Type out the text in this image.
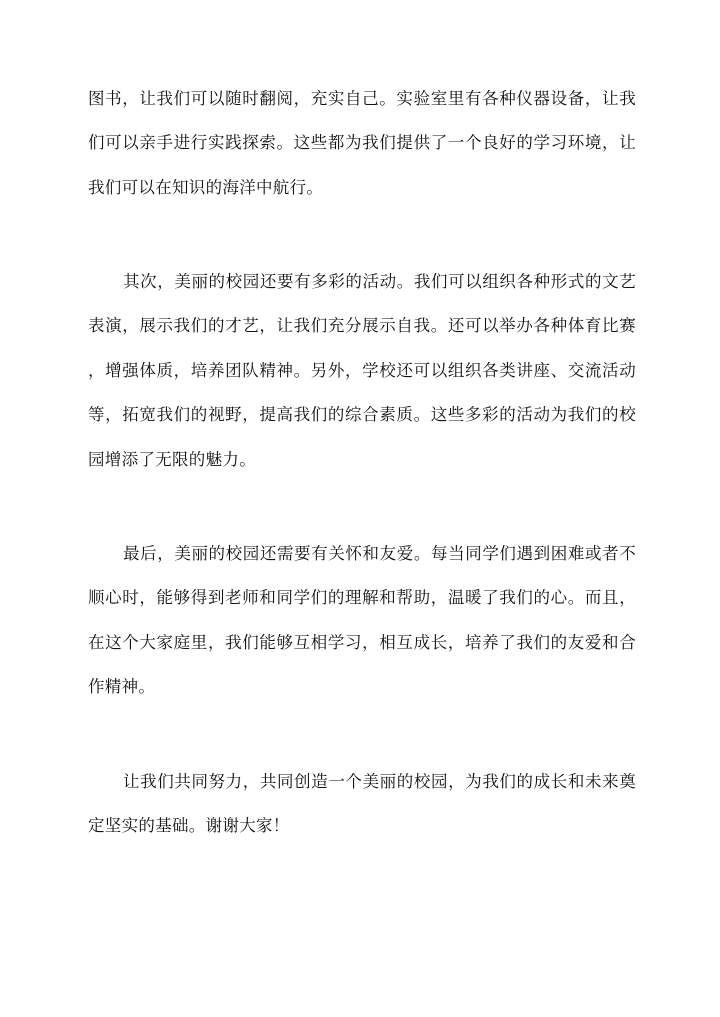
图书，让我们可以随时翻阅，充实自己。实验室里有各种仪器设备，让我
们可以亲手进行实践探索。这些都为我们提供了一个良好的学习环境，让
我们可以在知识的海洋中航行。
其次，美丽的校园还要有多彩的活动。我们可以组织各种形式的文艺
表演，展示我们的才艺，让我们充分展示自我。还可以举办各种体育比赛
，增强体质，培养团队精神。另外，学校还可以组织各类讲座、交流活动
等，拓宽我们的视野，提高我们的综合素质。这些多彩的活动为我们的校
园增添了无限的魅力。
最后，美丽的校园还需要有关怀和友爱。每当同学们遇到困难或者不
顺心时，能够得到老师和同学们的理解和帮助，温暖了我们的心。而且，
在这个大家庭里，我们能够互相学习，相互成长，培养了我们的友爱和合
作精神。
让我们共同努力，共同创造一个美丽的校园，为我们的成长和未来奠
定坚实的基础。谢谢大家！
